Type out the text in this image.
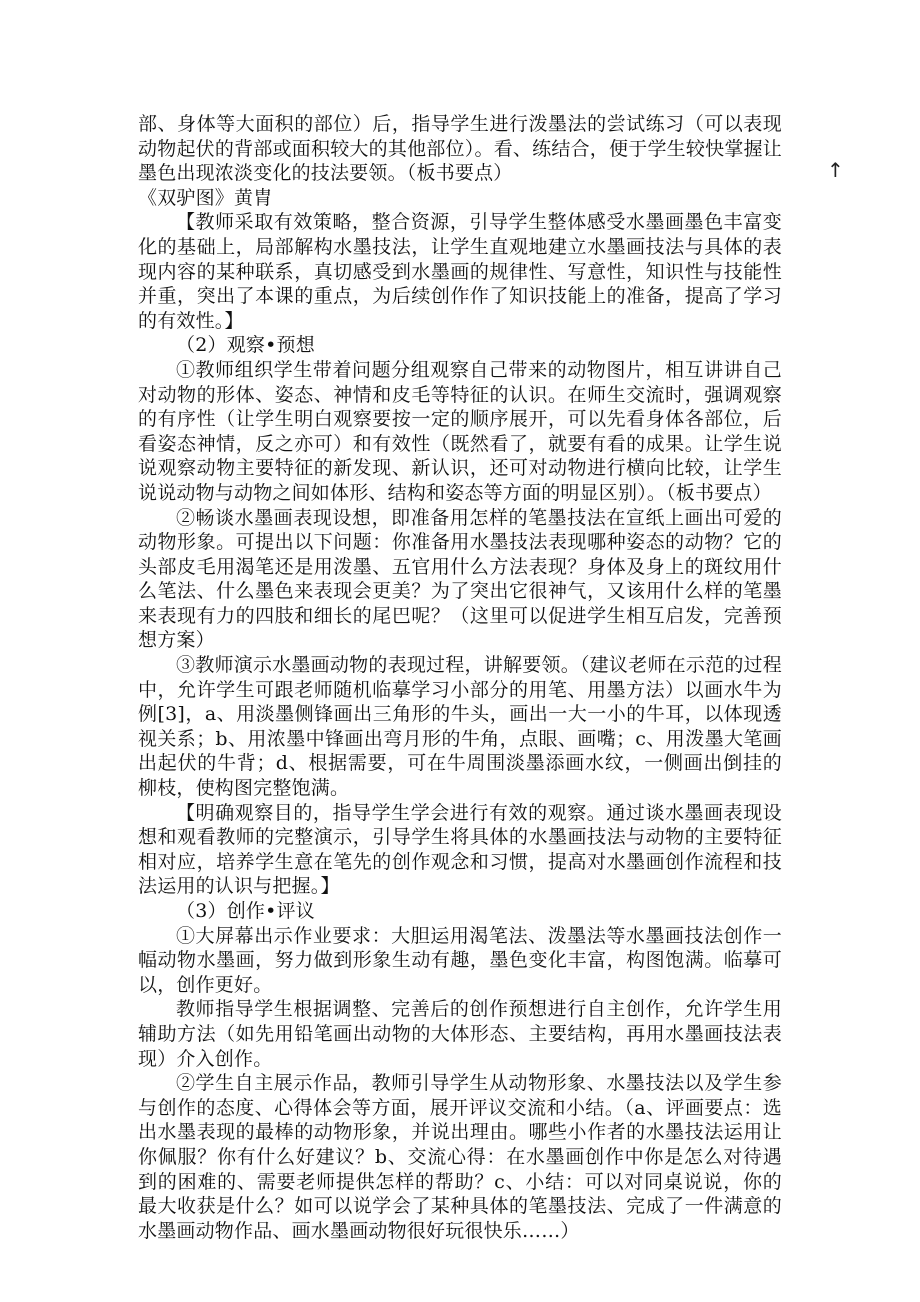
部、身体等大面积的部位）后，指导学生进行泼墨法的尝试练习（可以表现动物起伏的背部或面积较大的其他部位）。看、练结合，便于学生较快掌握让墨色出现浓淡变化的技法要领。（板书要点）

《双驴图》黄胄

【教师采取有效策略，整合资源，引导学生整体感受水墨画墨色丰富变化的基础上，局部解构水墨技法，让学生直观地建立水墨画技法与具体的表现内容的某种联系，真切感受到水墨画的规律性、写意性，知识性与技能性并重，突出了本课的重点，为后续创作作了知识技能上的准备，提高了学习的有效性。】

（2）观察•预想

①教师组织学生带着问题分组观察自己带来的动物图片，相互讲讲自己对动物的形体、姿态、神情和皮毛等特征的认识。在师生交流时，强调观察的有序性（让学生明白观察要按一定的顺序展开，可以先看身体各部位，后看姿态神情，反之亦可）和有效性（既然看了，就要有看的成果。让学生说说观察动物主要特征的新发现、新认识，还可对动物进行横向比较，让学生说说动物与动物之间如体形、结构和姿态等方面的明显区别）。（板书要点）

②畅谈水墨画表现设想，即准备用怎样的笔墨技法在宣纸上画出可爱的动物形象。可提出以下问题：你准备用水墨技法表现哪种姿态的动物？它的头部皮毛用渴笔还是用泼墨、五官用什么方法表现？身体及身上的斑纹用什么笔法、什么墨色来表现会更美？为了突出它很神气，又该用什么样的笔墨来表现有力的四肢和细长的尾巴呢？（这里可以促进学生相互启发，完善预想方案）

③教师演示水墨画动物的表现过程，讲解要领。（建议老师在示范的过程中，允许学生可跟老师随机临摹学习小部分的用笔、用墨方法）以画水牛为例[3]，a、用淡墨侧锋画出三角形的牛头，画出一大一小的牛耳，以体现透视关系；b、用浓墨中锋画出弯月形的牛角，点眼、画嘴；c、用泼墨大笔画出起伏的牛背；d、根据需要，可在牛周围淡墨添画水纹，一侧画出倒挂的柳枝，使构图完整饱满。

【明确观察目的，指导学生学会进行有效的观察。通过谈水墨画表现设想和观看教师的完整演示，引导学生将具体的水墨画技法与动物的主要特征相对应，培养学生意在笔先的创作观念和习惯，提高对水墨画创作流程和技法运用的认识与把握。】

（3）创作•评议

①大屏幕出示作业要求：大胆运用渴笔法、泼墨法等水墨画技法创作一幅动物水墨画，努力做到形象生动有趣，墨色变化丰富，构图饱满。临摹可以，创作更好。

教师指导学生根据调整、完善后的创作预想进行自主创作，允许学生用辅助方法（如先用铅笔画出动物的大体形态、主要结构，再用水墨画技法表现）介入创作。

②学生自主展示作品，教师引导学生从动物形象、水墨技法以及学生参与创作的态度、心得体会等方面，展开评议交流和小结。（a、评画要点：选出水墨表现的最棒的动物形象，并说出理由。哪些小作者的水墨技法运用让你佩服？你有什么好建议？b、交流心得：在水墨画创作中你是怎么对待遇到的困难的、需要老师提供怎样的帮助？c、小结：可以对同桌说说，你的最大收获是什么？如可以说学会了某种具体的笔墨技法、完成了一件满意的水墨画动物作品、画水墨画动物很好玩很快乐……）

↑
